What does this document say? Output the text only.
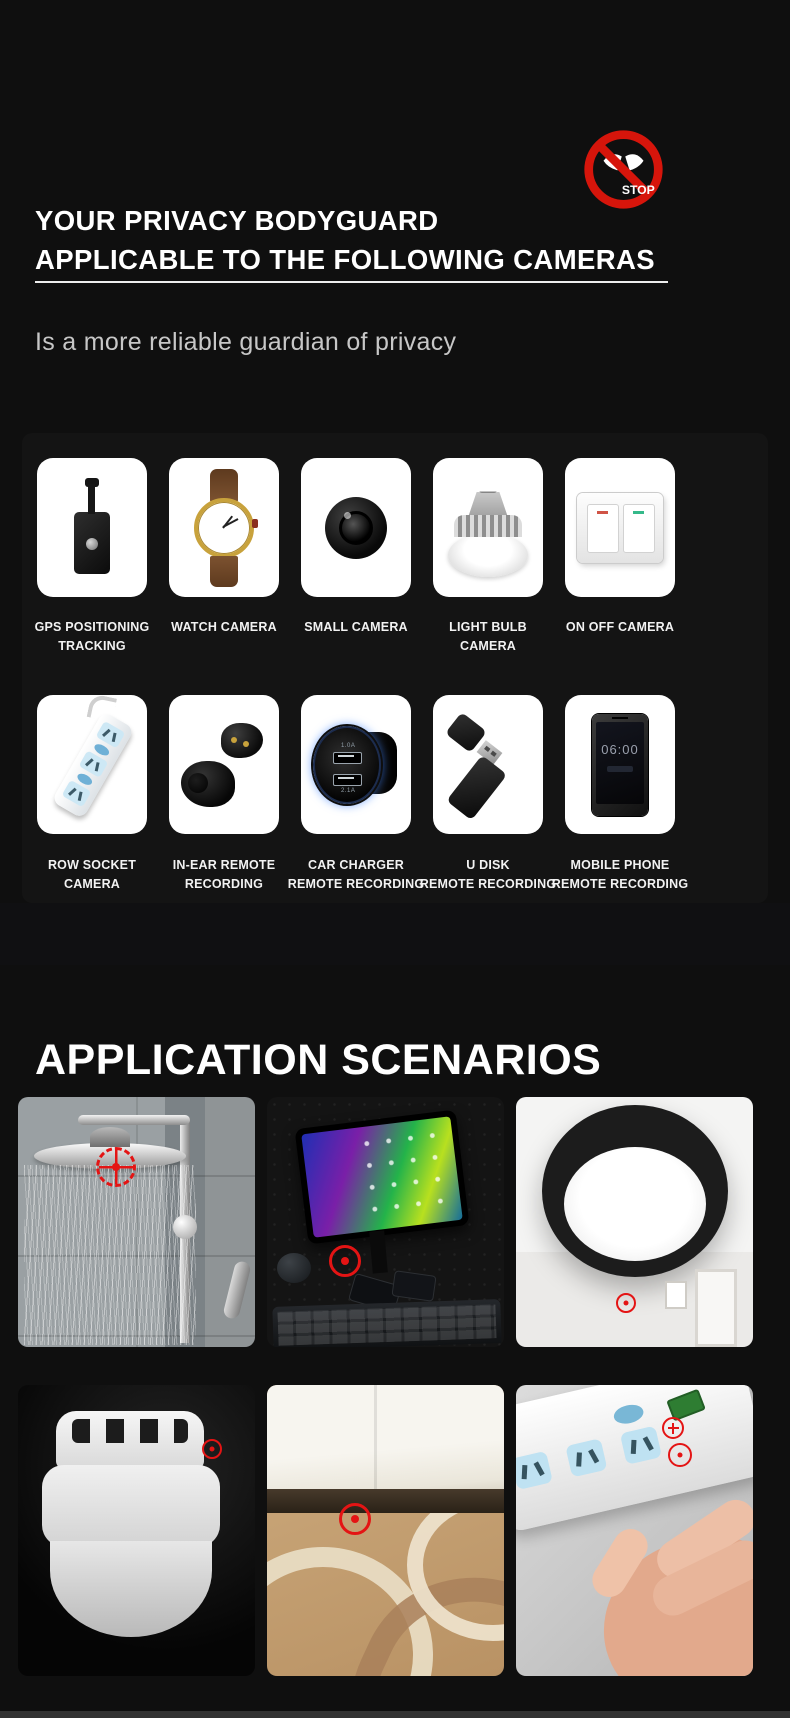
STOP
YOUR PRIVACY BODYGUARD
APPLICABLE TO THE FOLLOWING CAMERAS

Is a more reliable guardian of privacy

1.0A
2.1A
06:00
GPS POSITIONING
TRACKING
WATCH CAMERA	SMALL CAMERA	LIGHT BULB
CAMERA
ON OFF CAMERA
ROW SOCKET
CAMERA
IN-EAR REMOTE
RECORDING
CAR CHARGER
REMOTE RECORDING
U DISK
REMOTE RECORDING
MOBILE PHONE
REMOTE RECORDING
APPLICATION SCENARIOS
